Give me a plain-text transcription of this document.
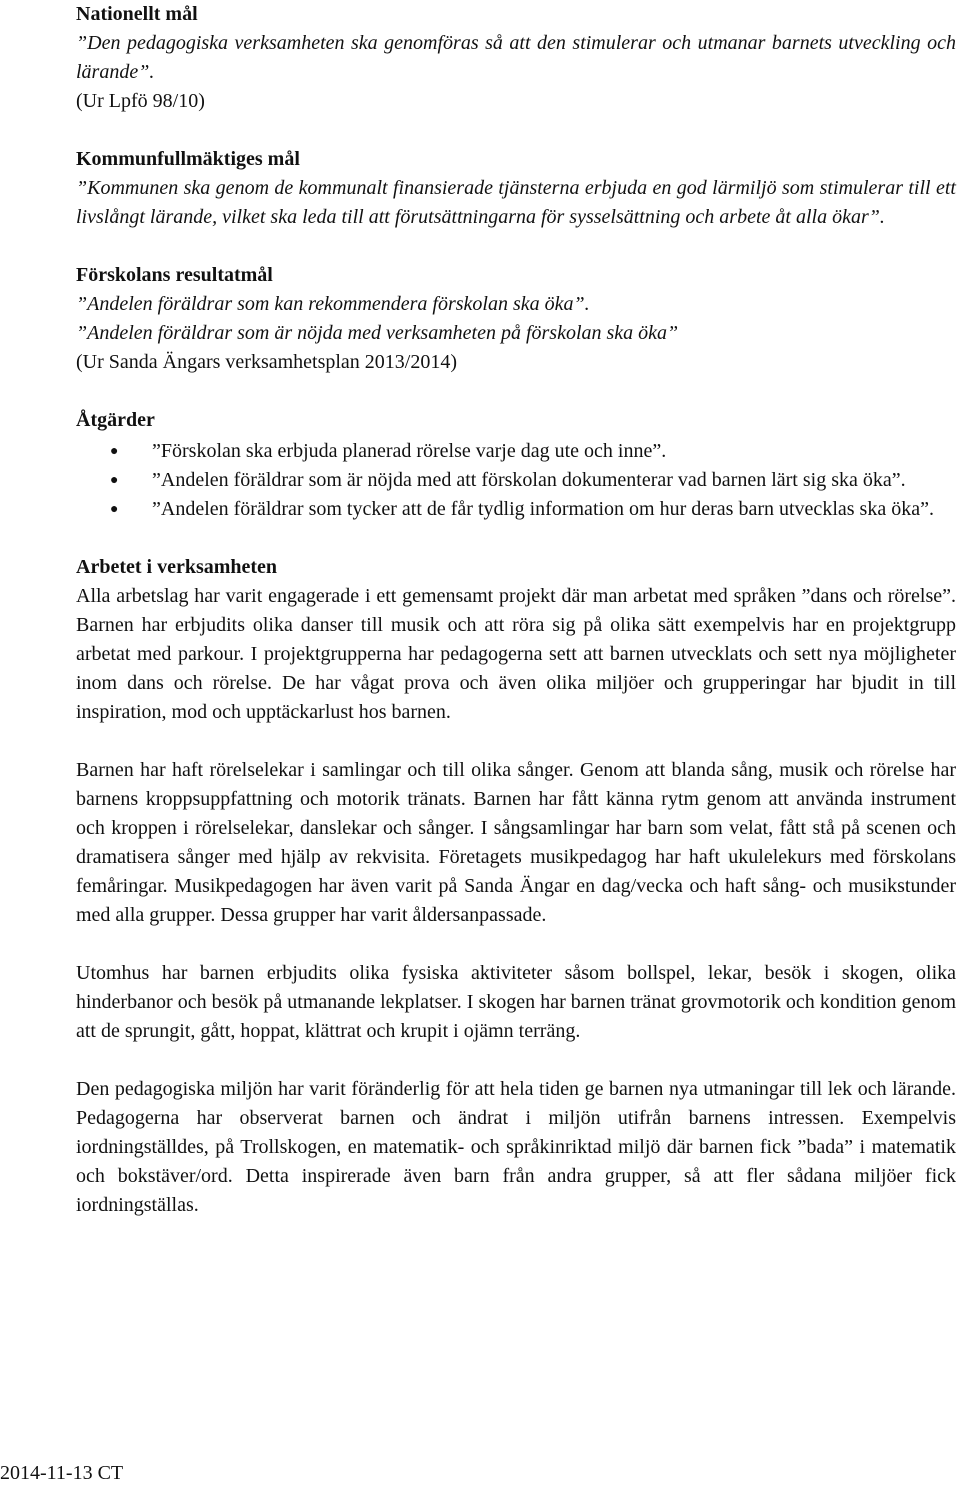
Nationellt mål

”Den pedagogiska verksamheten ska genomföras så att den stimulerar och utmanar barnets utveckling och lärande”.

(Ur Lpfö 98/10)

Kommunfullmäktiges mål

”Kommunen ska genom de kommunalt finansierade tjänsterna erbjuda en god lärmiljö som stimulerar till ett livslångt lärande, vilket ska leda till att förutsättningarna för sysselsättning och arbete åt alla ökar”.

Förskolans resultatmål

”Andelen föräldrar som kan rekommendera förskolan ska öka”.

”Andelen föräldrar som är nöjda med verksamheten på förskolan ska öka”

(Ur Sanda Ängars verksamhetsplan 2013/2014)

Åtgärder

● ”Förskolan ska erbjuda planerad rörelse varje dag ute och inne”.
● ”Andelen föräldrar som är nöjda med att förskolan dokumenterar vad barnen lärt sig ska öka”.
● ”Andelen föräldrar som tycker att de får tydlig information om hur deras barn utvecklas ska öka”.

Arbetet i verksamheten

Alla arbetslag har varit engagerade i ett gemensamt projekt där man arbetat med språken ”dans och rörelse”. Barnen har erbjudits olika danser till musik och att röra sig på olika sätt exempelvis har en projektgrupp arbetat med parkour. I projektgrupperna har pedagogerna sett att barnen utvecklats och sett nya möjligheter inom dans och rörelse. De har vågat prova och även olika miljöer och grupperingar har bjudit in till inspiration, mod och upptäckarlust hos barnen.

Barnen har haft rörelselekar i samlingar och till olika sånger. Genom att blanda sång, musik och rörelse har barnens kroppsuppfattning och motorik tränats. Barnen har fått känna rytm genom att använda instrument och kroppen i rörelselekar, danslekar och sånger. I sångsamlingar har barn som velat, fått stå på scenen och dramatisera sånger med hjälp av rekvisita. Företagets musikpedagog har haft ukulelekurs med förskolans femåringar. Musikpedagogen har även varit på Sanda Ängar en dag/vecka och haft sång- och musikstunder med alla grupper. Dessa grupper har varit åldersanpassade.

Utomhus har barnen erbjudits olika fysiska aktiviteter såsom bollspel, lekar, besök i skogen, olika hinderbanor och besök på utmanande lekplatser. I skogen har barnen tränat grovmotorik och kondition genom att de sprungit, gått, hoppat, klättrat och krupit i ojämn terräng.

Den pedagogiska miljön har varit föränderlig för att hela tiden ge barnen nya utmaningar till lek och lärande. Pedagogerna har observerat barnen och ändrat i miljön utifrån barnens intressen. Exempelvis iordningställdes, på Trollskogen, en matematik- och språkinriktad miljö där barnen fick ”bada” i matematik och bokstäver/ord. Detta inspirerade även barn från andra grupper, så att fler sådana miljöer fick iordningställas.

2014-11-13 CT
